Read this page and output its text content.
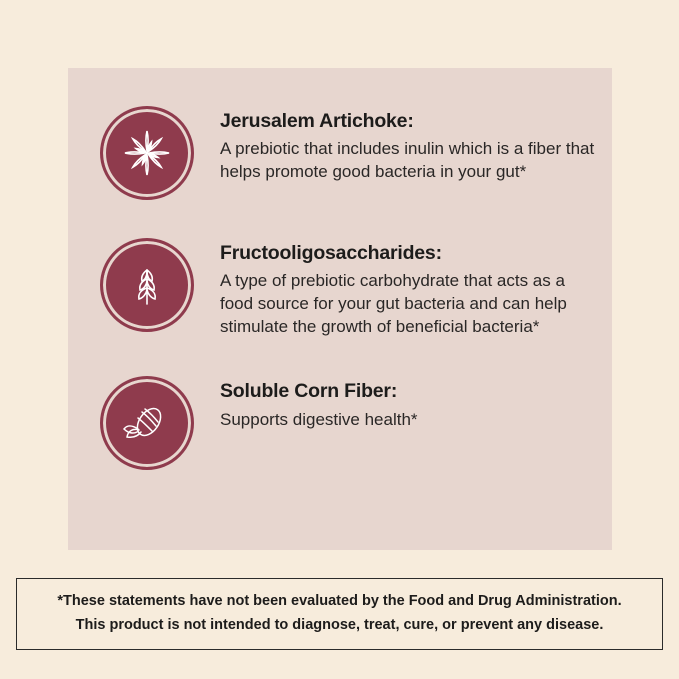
Jerusalem Artichoke:

A prebiotic that includes inulin which is a fiber that helps promote good bacteria in your gut*

Fructooligosaccharides:

A type of prebiotic carbohydrate that acts as a food source for your gut bacteria and can help stimulate the growth of beneficial bacteria*

Soluble Corn Fiber:

Supports digestive health*

*These statements have not been evaluated by the Food and Drug Administration.

This product is not intended to diagnose, treat, cure, or prevent any disease.
